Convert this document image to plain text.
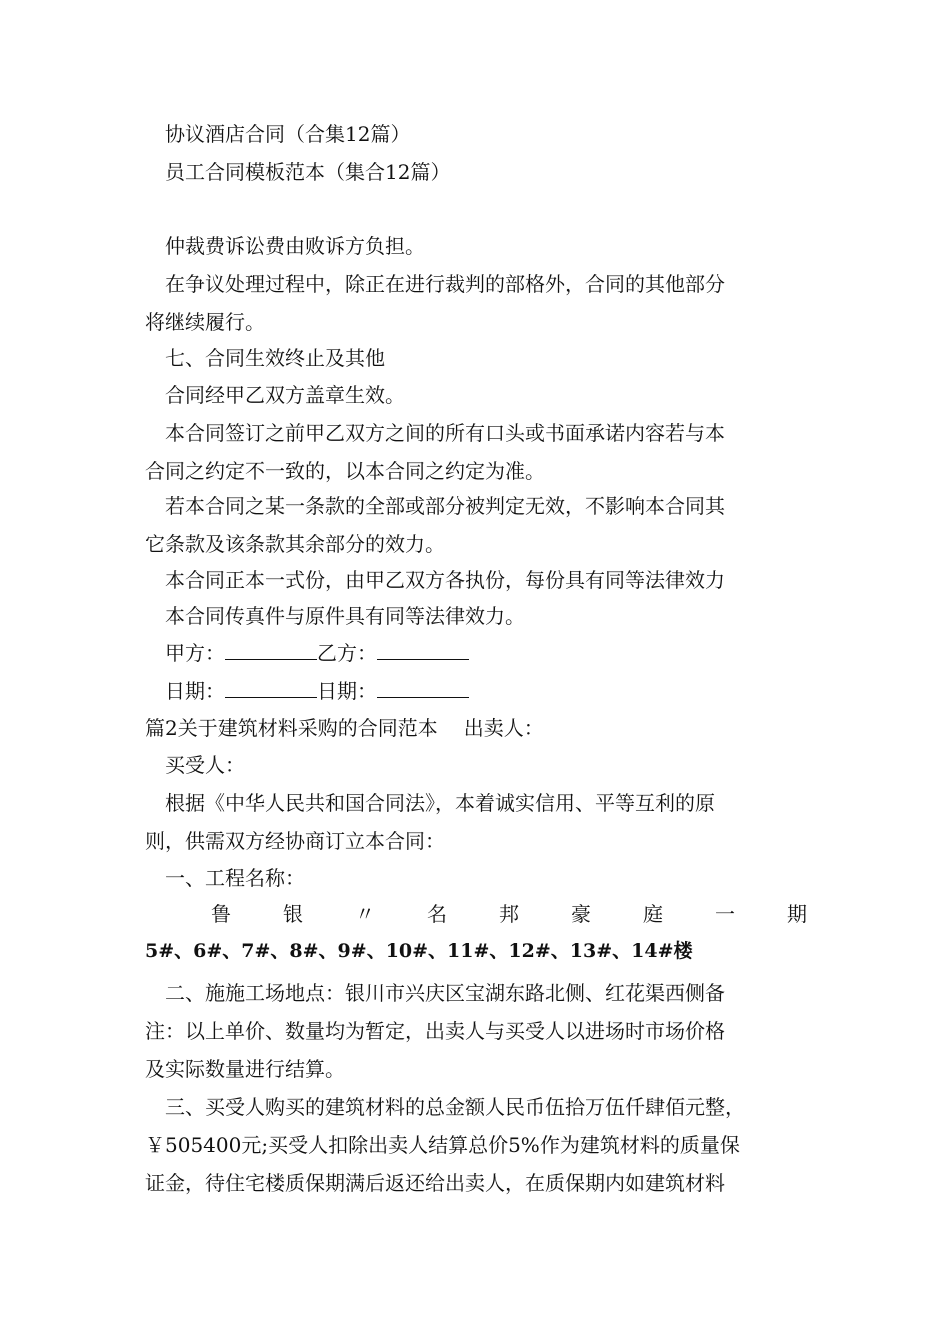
协议酒店合同（合集12篇）
员工合同模板范本（集合12篇）
仲裁费诉讼费由败诉方负担。
在争议处理过程中，除正在进行裁判的部格外，合同的其他部分
将继续履行。
七、合同生效终止及其他
合同经甲乙双方盖章生效。
本合同签订之前甲乙双方之间的所有口头或书面承诺内容若与本
合同之约定不一致的，以本合同之约定为准。
若本合同之某一条款的全部或部分被判定无效，不影响本合同其
它条款及该条款其余部分的效力。
本合同正本一式份，由甲乙双方各执份，每份具有同等法律效力
本合同传真件与原件具有同等法律效力。
甲方：	乙方：
日期：	日期：
篇2关于建筑材料采购的合同范本 出卖人：
买受人：
根据《中华人民共和国合同法》，本着诚实信用、平等互利的原
则，供需双方经协商订立本合同：
一、工程名称：
鲁	银	〃	名	邦	豪	庭	一	期
5#、6#、7#、8#、9#、10#、11#、12#、13#、14#楼
二、施施工场地点：银川市兴庆区宝湖东路北侧、红花渠西侧备
注：以上单价、数量均为暂定，出卖人与买受人以进场时市场价格
及实际数量进行结算。
三、买受人购买的建筑材料的总金额人民币伍拾万伍仟肆佰元整，
￥505400元;买受人扣除出卖人结算总价5%作为建筑材料的质量保
证金，待住宅楼质保期满后返还给出卖人，在质保期内如建筑材料
